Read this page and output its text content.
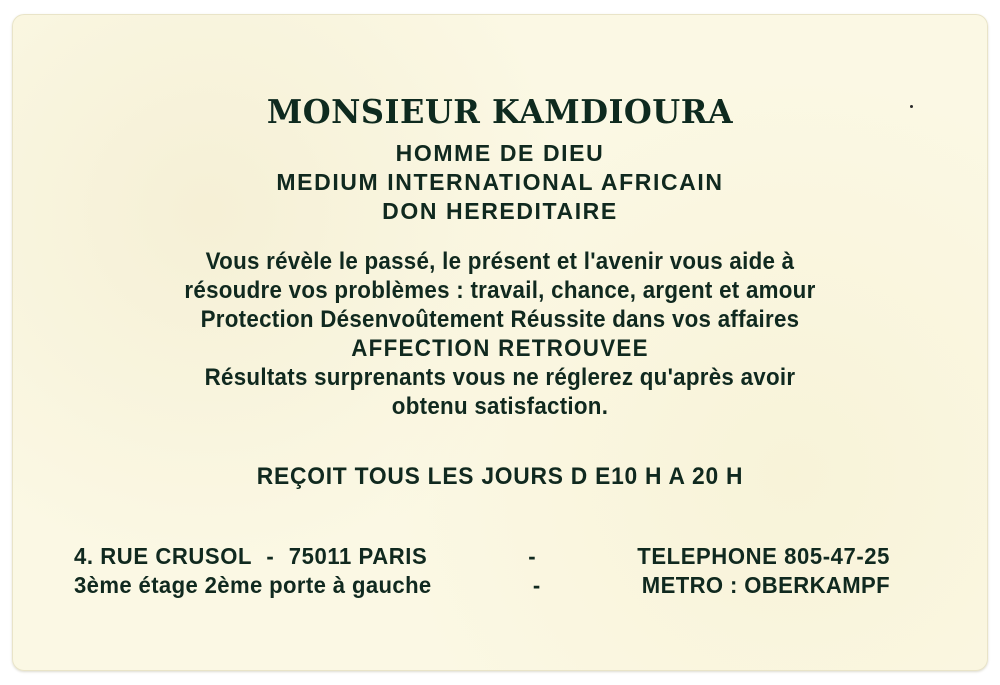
MONSIEUR KAMDIOURA
HOMME DE DIEU
MEDIUM INTERNATIONAL AFRICAIN
DON HEREDITAIRE
Vous révèle le passé, le présent et l'avenir vous aide à
résoudre vos problèmes : travail, chance, argent et amour
Protection Désenvoûtement Réussite dans vos affaires
AFFECTION RETROUVEE
Résultats surprenants vous ne réglerez qu'après avoir
obtenu satisfaction.
REÇOIT TOUS LES JOURS D E10 H A 20 H
4. RUE CRUSOL - 75011 PARIS	-	TELEPHONE 805-47-25
3ème étage 2ème porte à gauche	-	METRO : OBERKAMPF
